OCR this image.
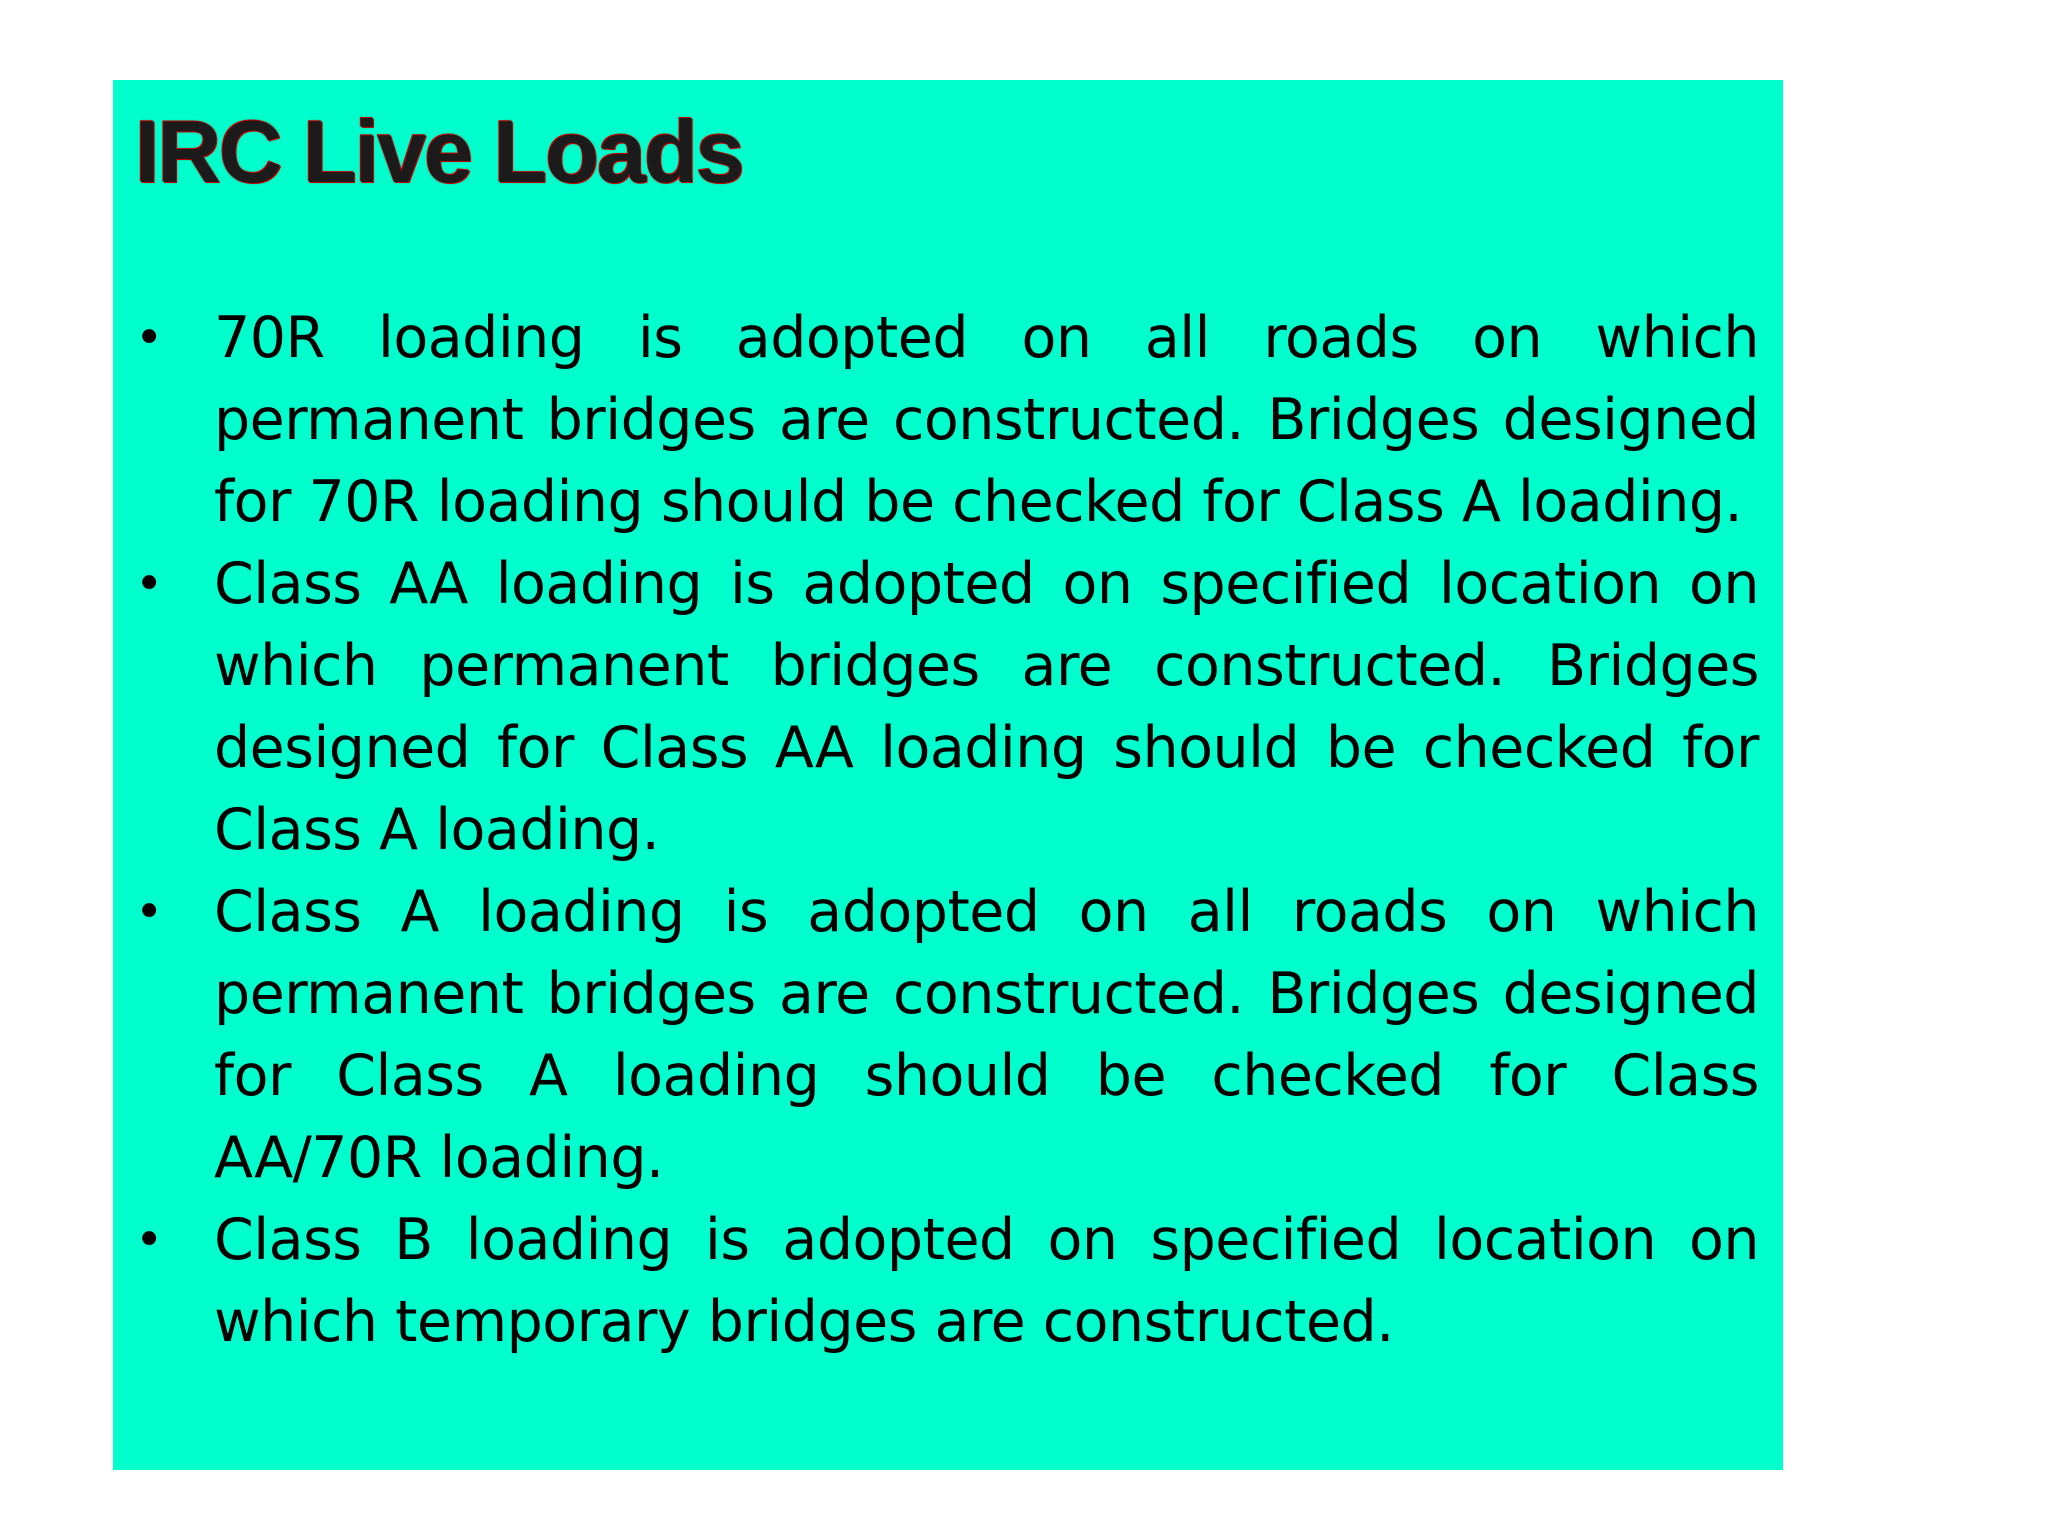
IRC Live Loads
• 70R loading is adopted on all roads on which permanent bridges are constructed. Bridges designed for 70R loading should be checked for Class A loading.
• Class AA loading is adopted on specified location on which permanent bridges are constructed. Bridges designed for Class AA loading should be checked for Class A loading.
• Class A loading is adopted on all roads on which permanent bridges are constructed. Bridges designed for Class A loading should be checked for Class AA/70R loading.
• Class B loading is adopted on specified location on which temporary bridges are constructed.
